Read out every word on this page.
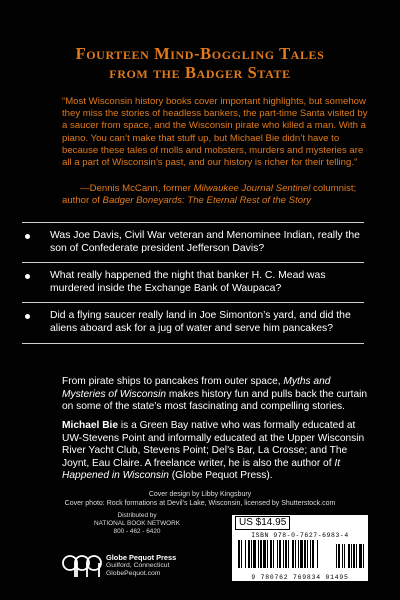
Fourteen Mind-Boggling Tales
from the Badger State
“Most Wisconsin history books cover important highlights, but somehow they miss the stories of headless bankers, the part-time Santa visited by a saucer from space, and the Wisconsin pirate who killed a man. With a piano. You can’t make that stuff up, but Michael Bie didn’t have to because these tales of molls and mobsters, murders and mysteries are all a part of Wisconsin’s past, and our history is richer for their telling.”
—Dennis McCann, former Milwaukee Journal Sentinel columnist; author of Badger Boneyards: The Eternal Rest of the Story
Was Joe Davis, Civil War veteran and Menominee Indian, really the son of Confederate president Jefferson Davis?
What really happened the night that banker H. C. Mead was murdered inside the Exchange Bank of Waupaca?
Did a flying saucer really land in Joe Simonton’s yard, and did the aliens aboard ask for a jug of water and serve him pancakes?
From pirate ships to pancakes from outer space, Myths and Mysteries of Wisconsin makes history fun and pulls back the curtain on some of the state’s most fascinating and compelling stories.
Michael Bie is a Green Bay native who was formally educated at UW-Stevens Point and informally educated at the Upper Wisconsin River Yacht Club, Stevens Point; Del’s Bar, La Crosse; and The Joynt, Eau Claire. A freelance writer, he is also the author of It Happened in Wisconsin (Globe Pequot Press).
Cover design by Libby Kingsbury
Cover photo: Rock formations at Devil’s Lake, Wisconsin, licensed by Shutterstock.com
Distributed by
NATIONAL BOOK NETWORK
800 - 462 - 6420
Globe Pequot Press
Guilford, Connecticut
GlobePequot.com
US $14.95
ISBN 978-0-7627-6983-4
9 780762 769834 01495
